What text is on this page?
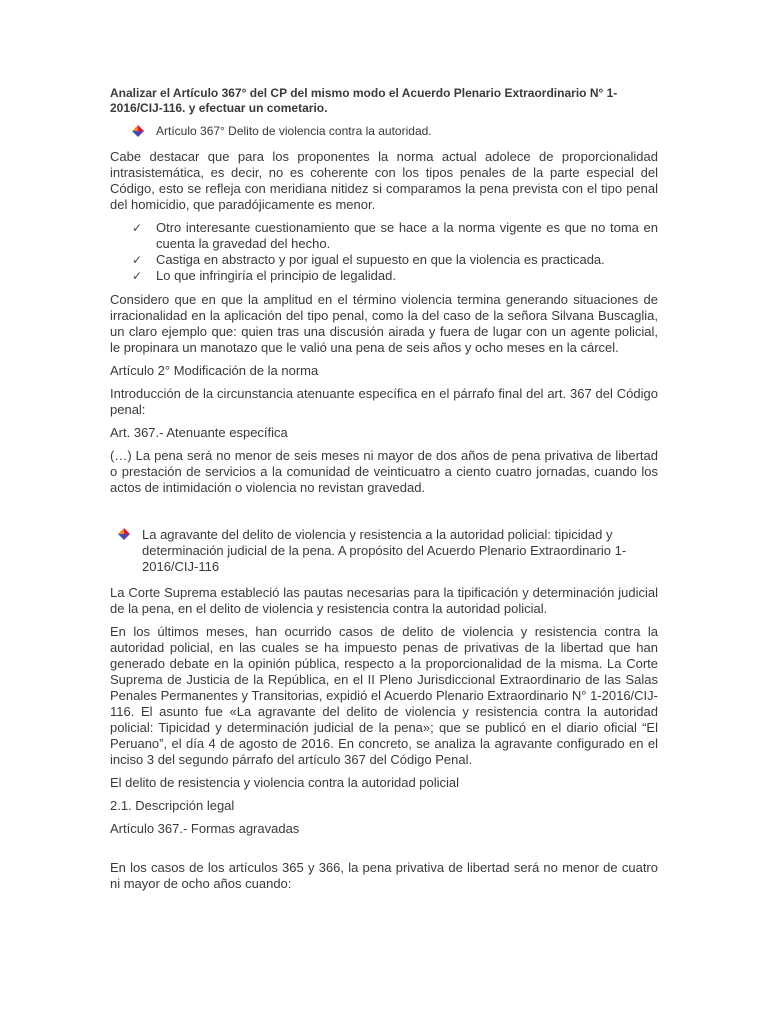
Analizar el Artículo 367° del CP del mismo modo el Acuerdo Plenario Extraordinario N° 1-2016/CIJ-116. y efectuar un cometario.
Artículo 367° Delito de violencia contra la autoridad.

Cabe destacar que para los proponentes la norma actual adolece de proporcionalidad intrasistemática, es decir, no es coherente con los tipos penales de la parte especial del Código, esto se refleja con meridiana nitidez si comparamos la pena prevista con el tipo penal del homicidio, que paradójicamente es menor.

✓ Otro interesante cuestionamiento que se hace a la norma vigente es que no toma en cuenta la gravedad del hecho.
✓ Castiga en abstracto y por igual el supuesto en que la violencia es practicada.
✓ Lo que infringiría el principio de legalidad.

Considero que en que la amplitud en el término violencia termina generando situaciones de irracionalidad en la aplicación del tipo penal, como la del caso de la señora Silvana Buscaglia, un claro ejemplo que: quien tras una discusión airada y fuera de lugar con un agente policial, le propinara un manotazo que le valió una pena de seis años y ocho meses en la cárcel.

Artículo 2° Modificación de la norma

Introducción de la circunstancia atenuante específica en el párrafo final del art. 367 del Código penal:

Art. 367.- Atenuante específica

(…) La pena será no menor de seis meses ni mayor de dos años de pena privativa de libertad o prestación de servicios a la comunidad de veinticuatro a ciento cuatro jornadas, cuando los actos de intimidación o violencia no revistan gravedad.

La agravante del delito de violencia y resistencia a la autoridad policial: tipicidad y determinación judicial de la pena. A propósito del Acuerdo Plenario Extraordinario 1-2016/CIJ-116

La Corte Suprema estableció las pautas necesarias para la tipificación y determinación judicial de la pena, en el delito de violencia y resistencia contra la autoridad policial.

En los últimos meses, han ocurrido casos de delito de violencia y resistencia contra la autoridad policial, en las cuales se ha impuesto penas de privativas de la libertad que han generado debate en la opinión pública, respecto a la proporcionalidad de la misma. La Corte Suprema de Justicia de la República, en el II Pleno Jurisdiccional Extraordinario de las Salas Penales Permanentes y Transitorias, expidió el Acuerdo Plenario Extraordinario N° 1-2016/CIJ-116. El asunto fue «La agravante del delito de violencia y resistencia contra la autoridad policial: Tipicidad y determinación judicial de la pena»; que se publicó en el diario oficial “El Peruano”, el día 4 de agosto de 2016. En concreto, se analiza la agravante configurado en el inciso 3 del segundo párrafo del artículo 367 del Código Penal.

El delito de resistencia y violencia contra la autoridad policial

2.1. Descripción legal

Artículo 367.- Formas agravadas

En los casos de los artículos 365 y 366, la pena privativa de libertad será no menor de cuatro ni mayor de ocho años cuando:
